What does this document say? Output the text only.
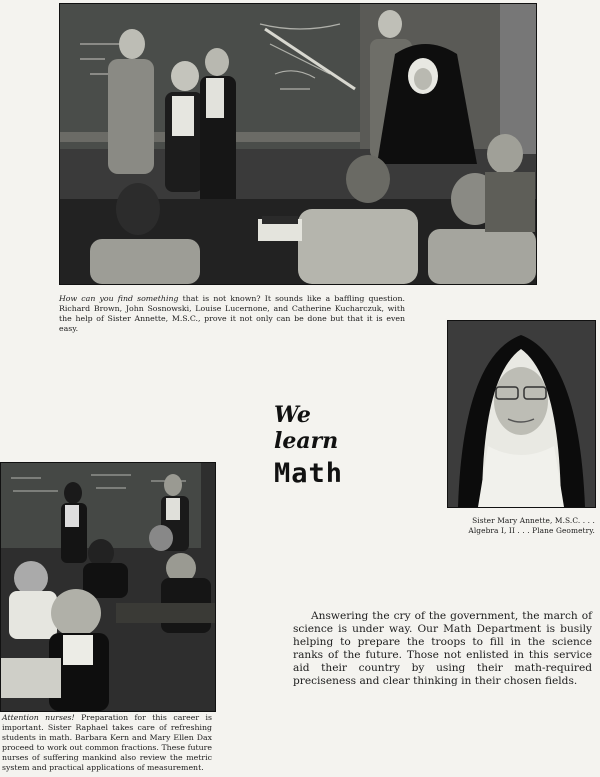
How can you find something that is not known? It sounds like a baffling question. Richard Brown, John Sosnowski, Louise Lucernone, and Catherine Kucharczuk, with the help of Sister Annette, M.S.C., prove it not only can be done but that it is even easy.
Sister Mary Annette, M.S.C. . . .
Algebra I, II . . . Plane Geometry.
We
learn
Math
Attention nurses! Preparation for this career is important. Sister Raphael takes care of refreshing students in math. Barbara Kern and Mary Ellen Dax proceed to work out common fractions. These future nurses of suffering mankind also review the metric system and practical applications of measurement.
Answering the cry of the government, the march of science is under way. Our Math Department is busily helping to prepare the troops to fill in the science ranks of the future. Those not enlisted in this service aid their country by using their math-required preciseness and clear thinking in their chosen fields.
